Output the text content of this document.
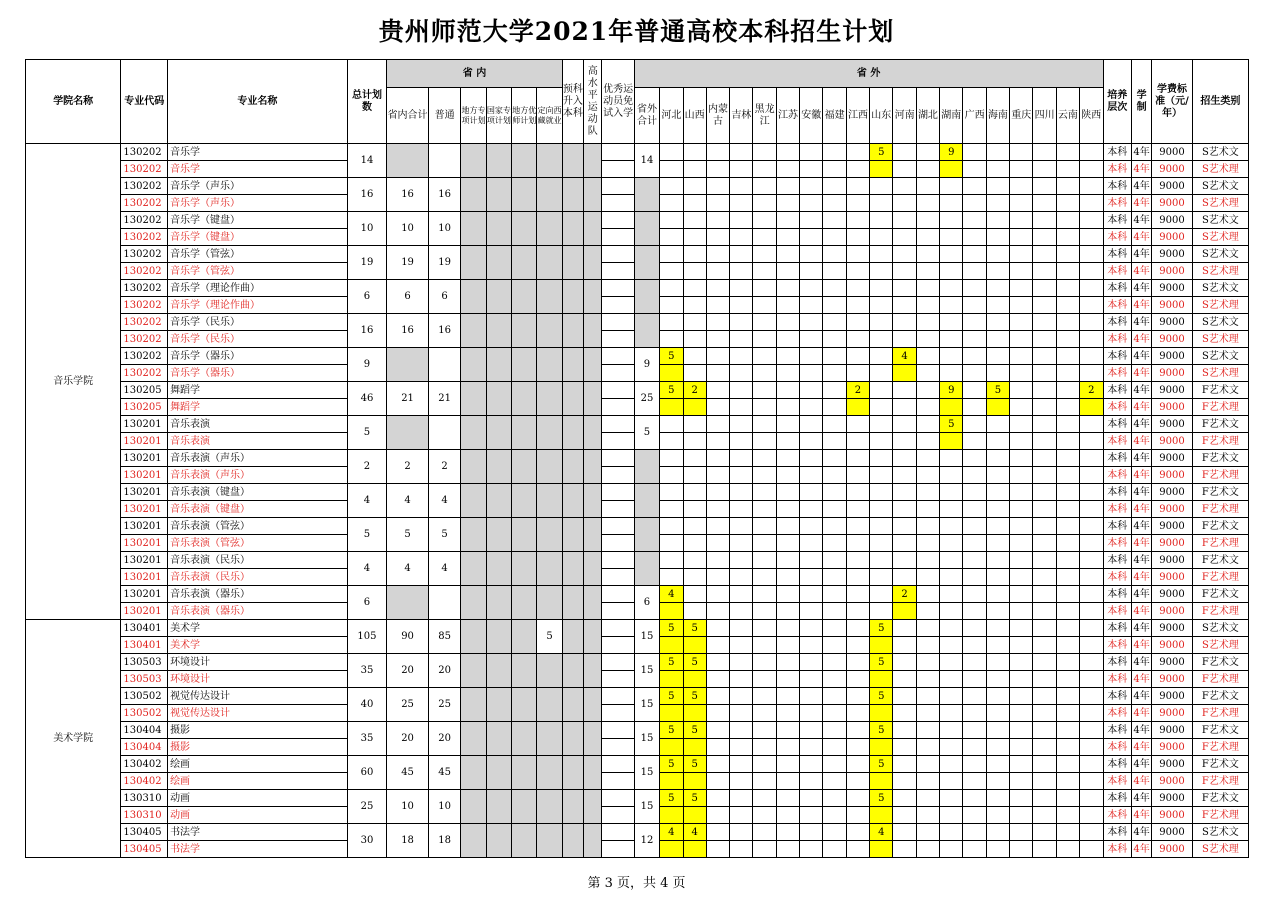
贵州师范大学2021年普通高校本科招生计划
学院名称	专业代码	专业名称	总计划数	省 内						预科升入本科	高水平运动队	优秀运动员免试入学	省 外																				培养层次	学制	学费标准（元/年）	招生类别
				省内合计	普通	地方专项计划	国家专项计划	地方优师计划	定向西藏就业				省外合计	河北	山西	内蒙古	吉林	黑龙江	江苏	安徽	福建	江西	山东	河南	湖北	湖南	广西	海南	重庆	四川	云南	陕西				
音乐学院	130202	音乐学	14										14										5			9							本科	4年	9000	S艺术文
	130202	音乐学																															本科	4年	9000	S艺术理
	130202	音乐学（声乐）	16	16	16																												本科	4年	9000	S艺术文
	130202	音乐学（声乐）																															本科	4年	9000	S艺术理
	130202	音乐学（键盘）	10	10	10																												本科	4年	9000	S艺术文
	130202	音乐学（键盘）																															本科	4年	9000	S艺术理
	130202	音乐学（管弦）	19	19	19																												本科	4年	9000	S艺术文
	130202	音乐学（管弦）																															本科	4年	9000	S艺术理
	130202	音乐学（理论作曲）	6	6	6																												本科	4年	9000	S艺术文
	130202	音乐学（理论作曲）																															本科	4年	9000	S艺术理
	130202	音乐学（民乐）	16	16	16																												本科	4年	9000	S艺术文
	130202	音乐学（民乐）																															本科	4年	9000	S艺术理
	130202	音乐学（器乐）	9										9	5										4									本科	4年	9000	S艺术文
	130202	音乐学（器乐）																															本科	4年	9000	S艺术理
	130205	舞蹈学	46	21	21								25	5	2							2				9		5				2	本科	4年	9000	F艺术文
	130205	舞蹈学																															本科	4年	9000	F艺术理
	130201	音乐表演	5										5													5							本科	4年	9000	F艺术文
	130201	音乐表演																															本科	4年	9000	F艺术理
	130201	音乐表演（声乐）	2	2	2																												本科	4年	9000	F艺术文
	130201	音乐表演（声乐）																															本科	4年	9000	F艺术理
	130201	音乐表演（键盘）	4	4	4																												本科	4年	9000	F艺术文
	130201	音乐表演（键盘）																															本科	4年	9000	F艺术理
	130201	音乐表演（管弦）	5	5	5																												本科	4年	9000	F艺术文
	130201	音乐表演（管弦）																															本科	4年	9000	F艺术理
	130201	音乐表演（民乐）	4	4	4																												本科	4年	9000	F艺术文
	130201	音乐表演（民乐）																															本科	4年	9000	F艺术理
	130201	音乐表演（器乐）	6										6	4										2									本科	4年	9000	F艺术文
	130201	音乐表演（器乐）																															本科	4年	9000	F艺术理
美术学院	130401	美术学	105	90	85				5				15	5	5								5										本科	4年	9000	S艺术文
	130401	美术学																															本科	4年	9000	S艺术理
	130503	环境设计	35	20	20								15	5	5								5										本科	4年	9000	F艺术文
	130503	环境设计																															本科	4年	9000	F艺术理
	130502	视觉传达设计	40	25	25								15	5	5								5										本科	4年	9000	F艺术文
	130502	视觉传达设计																															本科	4年	9000	F艺术理
	130404	摄影	35	20	20								15	5	5								5										本科	4年	9000	F艺术文
	130404	摄影																															本科	4年	9000	F艺术理
	130402	绘画	60	45	45								15	5	5								5										本科	4年	9000	F艺术文
	130402	绘画																															本科	4年	9000	F艺术理
	130310	动画	25	10	10								15	5	5								5										本科	4年	9000	F艺术文
	130310	动画																															本科	4年	9000	F艺术理
	130405	书法学	30	18	18								12	4	4								4										本科	4年	9000	S艺术文
	130405	书法学																															本科	4年	9000	S艺术理
第 3 页，共 4 页
